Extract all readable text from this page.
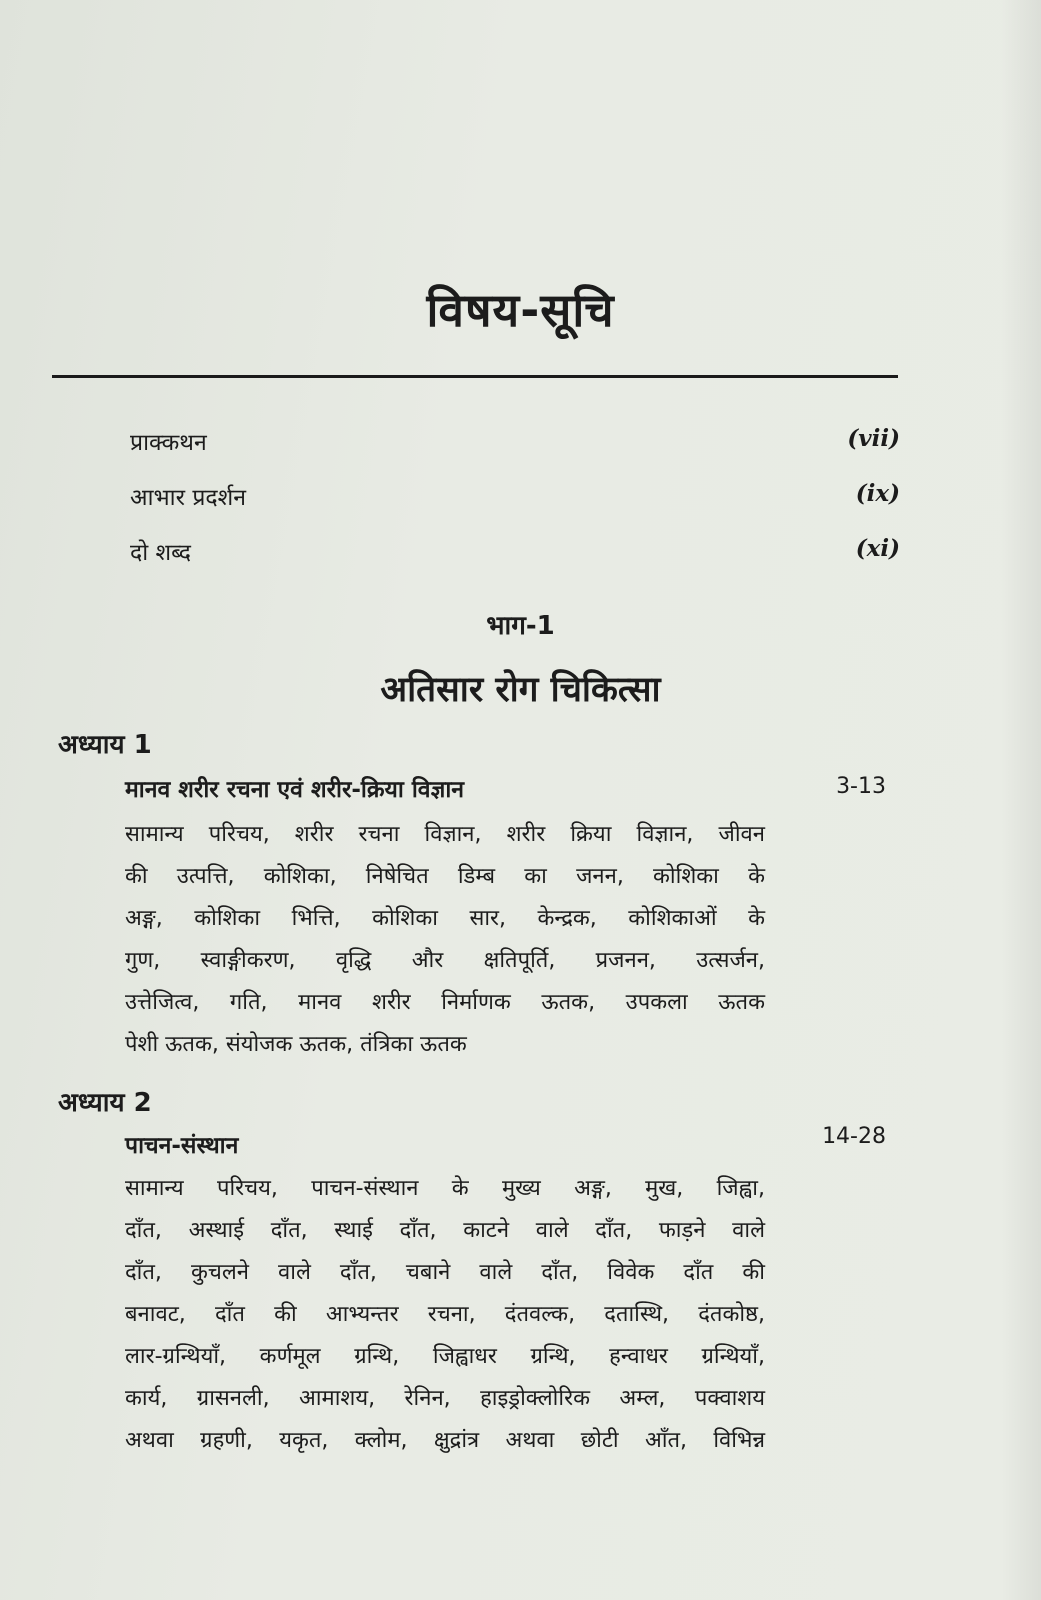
विषय-सूचि
प्राक्कथन	(vii)
आभार प्रदर्शन	(ix)
दो शब्द	(xi)
भाग-1
अतिसार रोग चिकित्सा
अध्याय 1
मानव शरीर रचना एवं शरीर-क्रिया विज्ञान	3-13
सामान्य परिचय, शरीर रचना विज्ञान, शरीर क्रिया विज्ञान, जीवन
की उत्पत्ति, कोशिका, निषेचित डिम्ब का जनन, कोशिका के
अङ्ग, कोशिका भित्ति, कोशिका सार, केन्द्रक, कोशिकाओं के
गुण, स्वाङ्गीकरण, वृद्धि और क्षतिपूर्ति, प्रजनन, उत्सर्जन,
उत्तेजित्व, गति, मानव शरीर निर्माणक ऊतक, उपकला ऊतक
पेशी ऊतक, संयोजक ऊतक, तंत्रिका ऊतक
अध्याय 2
पाचन-संस्थान	14-28
सामान्य परिचय, पाचन-संस्थान के मुख्य अङ्ग, मुख, जिह्वा,
दाँत, अस्थाई दाँत, स्थाई दाँत, काटने वाले दाँत, फाड़ने वाले
दाँत, कुचलने वाले दाँत, चबाने वाले दाँत, विवेक दाँत की
बनावट, दाँत की आभ्यन्तर रचना, दंतवल्क, दतास्थि, दंतकोष्ठ,
लार-ग्रन्थियाँ, कर्णमूल ग्रन्थि, जिह्वाधर ग्रन्थि, हन्वाधर ग्रन्थियाँ,
कार्य, ग्रासनली, आमाशय, रेनिन, हाइड्रोक्लोरिक अम्ल, पक्वाशय
अथवा ग्रहणी, यकृत, क्लोम, क्षुद्रांत्र अथवा छोटी आँत, विभिन्न
